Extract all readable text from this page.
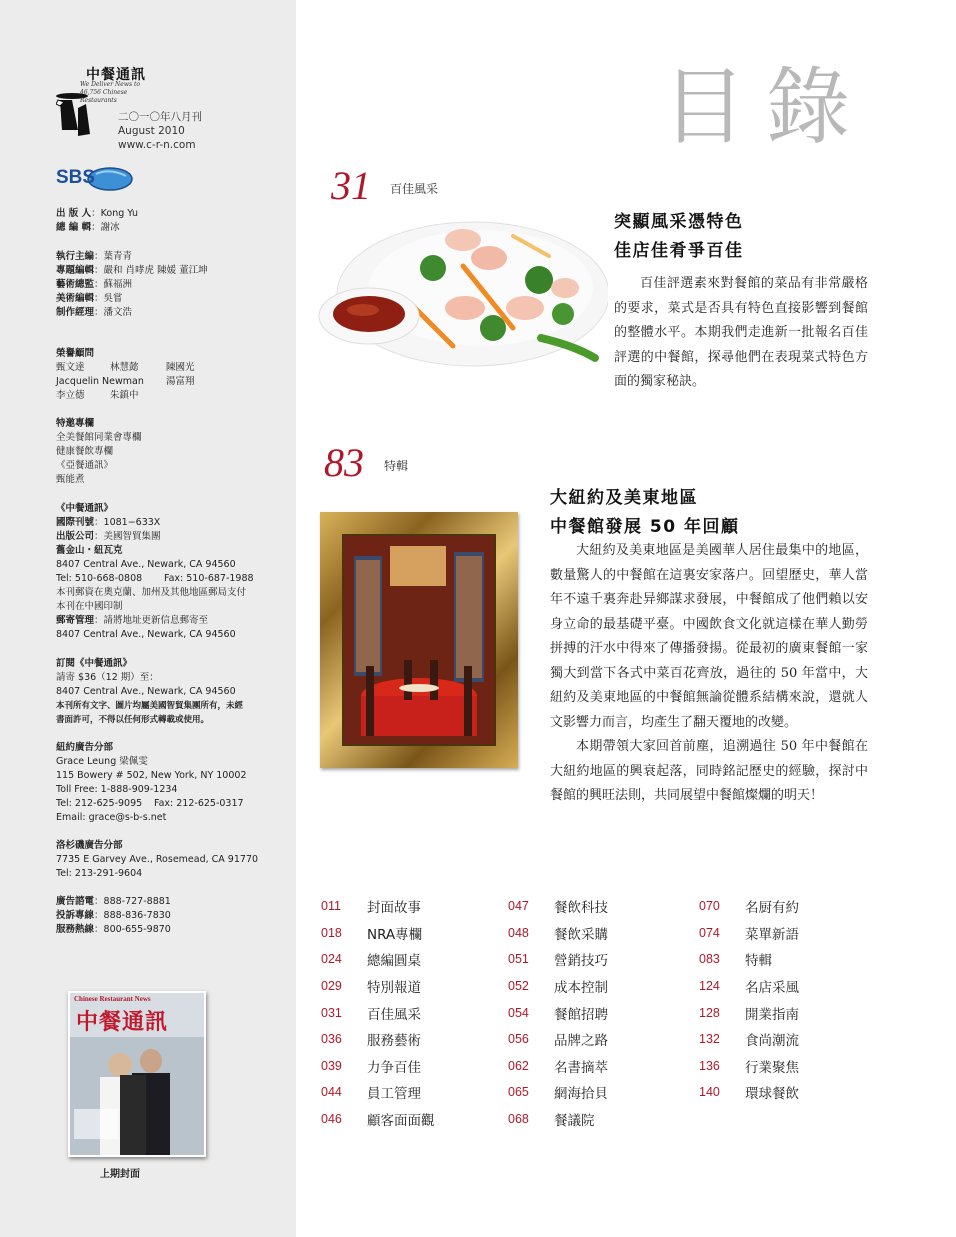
中餐通訊
We Deliver News to 46,756 Chinese Restaurants
二〇一〇年八月刊
August 2010
www.c-r-n.com
SBS
出 版 人：Kong Yu
總 編 輯：謝冰
執行主編：葉青青
專題編輯：嚴和 肖哮虎 陳媛 董江坤
藝術總監：蘇福洲
美術編輯：吳嘗
制作經理：潘文浩
榮譽顧問
甄文達	林慧懿	陳國光
Jacquelin Newman 湯富翔
李立德	朱鎮中
特邀專欄
全美餐館同業會專欄
健康餐飲專欄
《亞餐通訊》
甄能煮
《中餐通訊》
國際刊號：1081−633X
出版公司：美國智貿集團
舊金山・紐瓦克
8407 Central Ave., Newark, CA 94560
Tel: 510-668-0808 Fax: 510-687-1988
本刊郵資在奧克蘭、加州及其他地區郵局支付
本刊在中國印制
郵寄管理：請將地址更新信息郵寄至
8407 Central Ave., Newark, CA 94560
訂閱《中餐通訊》
請寄 $36（12 期）至：
8407 Central Ave., Newark, CA 94560
本刊所有文字、圖片均屬美國智貿集團所有，未經
書面許可，不得以任何形式轉載或使用。
紐約廣告分部
Grace Leung 梁佩雯
115 Bowery # 502, New York, NY 10002
Toll Free: 1-888-909-1234
Tel: 212-625-9095 Fax: 212-625-0317
Email: grace@s-b-s.net
洛杉磯廣告分部
7735 E Garvey Ave., Rosemead, CA 91770
Tel: 213-291-9604
廣告諮電：888-727-8881
投訴專線：888-836-7830
服務熱線：800-655-9870
Chinese Restaurant News
中餐通訊
上期封面
目錄
31 百佳風采
突顯風采憑特色
佳店佳肴爭百佳

百佳評選素來對餐館的菜品有非常嚴格的要求，菜式是否具有特色直接影響到餐館的整體水平。本期我們走進新一批報名百佳評選的中餐館，探尋他們在表現菜式特色方面的獨家秘訣。

83 特輯
大紐約及美東地區
中餐館發展 50 年回顧

大紐約及美東地區是美國華人居住最集中的地區，數量驚人的中餐館在這裏安家落户。回望歷史，華人當年不遠千裏奔赴异鄉謀求發展，中餐館成了他們賴以安身立命的最基礎平臺。中國飲食文化就這樣在華人勤勞拼搏的汗水中得來了傳播發揚。從最初的廣東餐館一家獨大到當下各式中菜百花齊放，過往的 50 年當中，大紐約及美東地區的中餐館無論從體系結構來說，還就人文影響力而言，均產生了翻天覆地的改變。

本期帶領大家回首前塵，追溯過往 50 年中餐館在大紐約地區的興衰起落，同時銘記歷史的經驗，探討中餐館的興旺法則，共同展望中餐館燦爛的明天！

011	封面故事
018	NRA專欄
024	總編圓桌
029	特別報道
031	百佳風采
036	服務藝術
039	力争百佳
044	員工管理
046	顧客面面觀
047	餐飲科技
048	餐飲采購
051	營銷技巧
052	成本控制
054	餐館招聘
056	品牌之路
062	名書摘萃
065	網海拾貝
068	餐議院
070	名厨有約
074	菜單新語
083	特輯
124	名店采風
128	開業指南
132	食尚潮流
136	行業聚焦
140	環球餐飲
